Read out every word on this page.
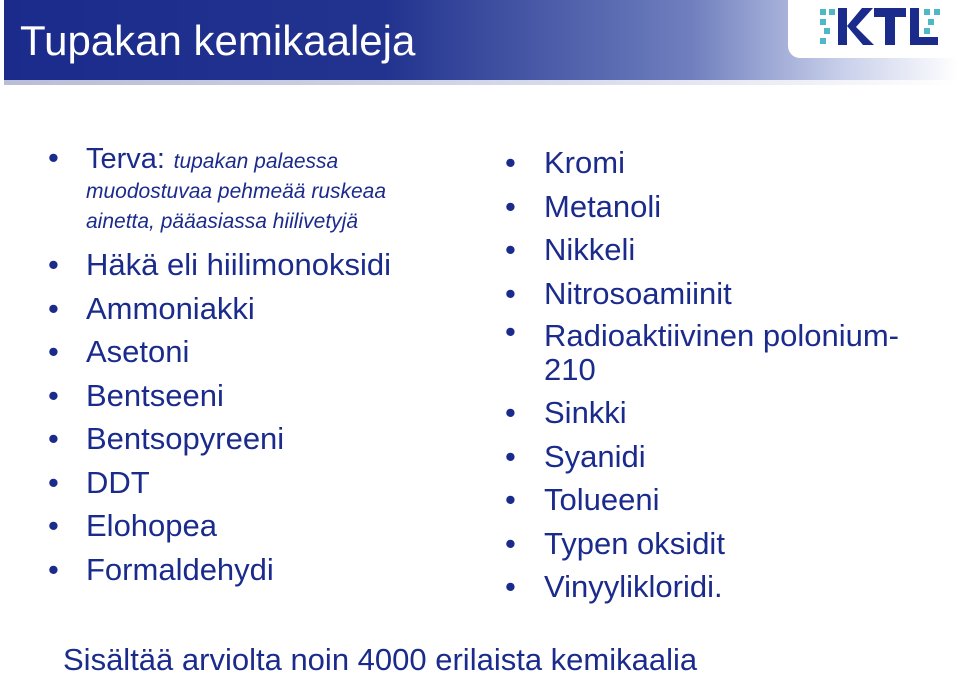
Tupakan kemikaaleja
• Terva: tupakan palaessa muodostuvaa pehmeää ruskeaa ainetta, pääasiassa hiilivetyjä
• Häkä eli hiilimonoksidi
• Ammoniakki
• Asetoni
• Bentseeni
• Bentsopyreeni
• DDT
• Elohopea
• Formaldehydi
• Kromi
• Metanoli
• Nikkeli
• Nitrosoamiinit
• Radioaktiivinen polonium-210
• Sinkki
• Syanidi
• Tolueeni
• Typen oksidit
• Vinyylikloridi.

Sisältää arviolta noin 4000 erilaista kemikaalia
